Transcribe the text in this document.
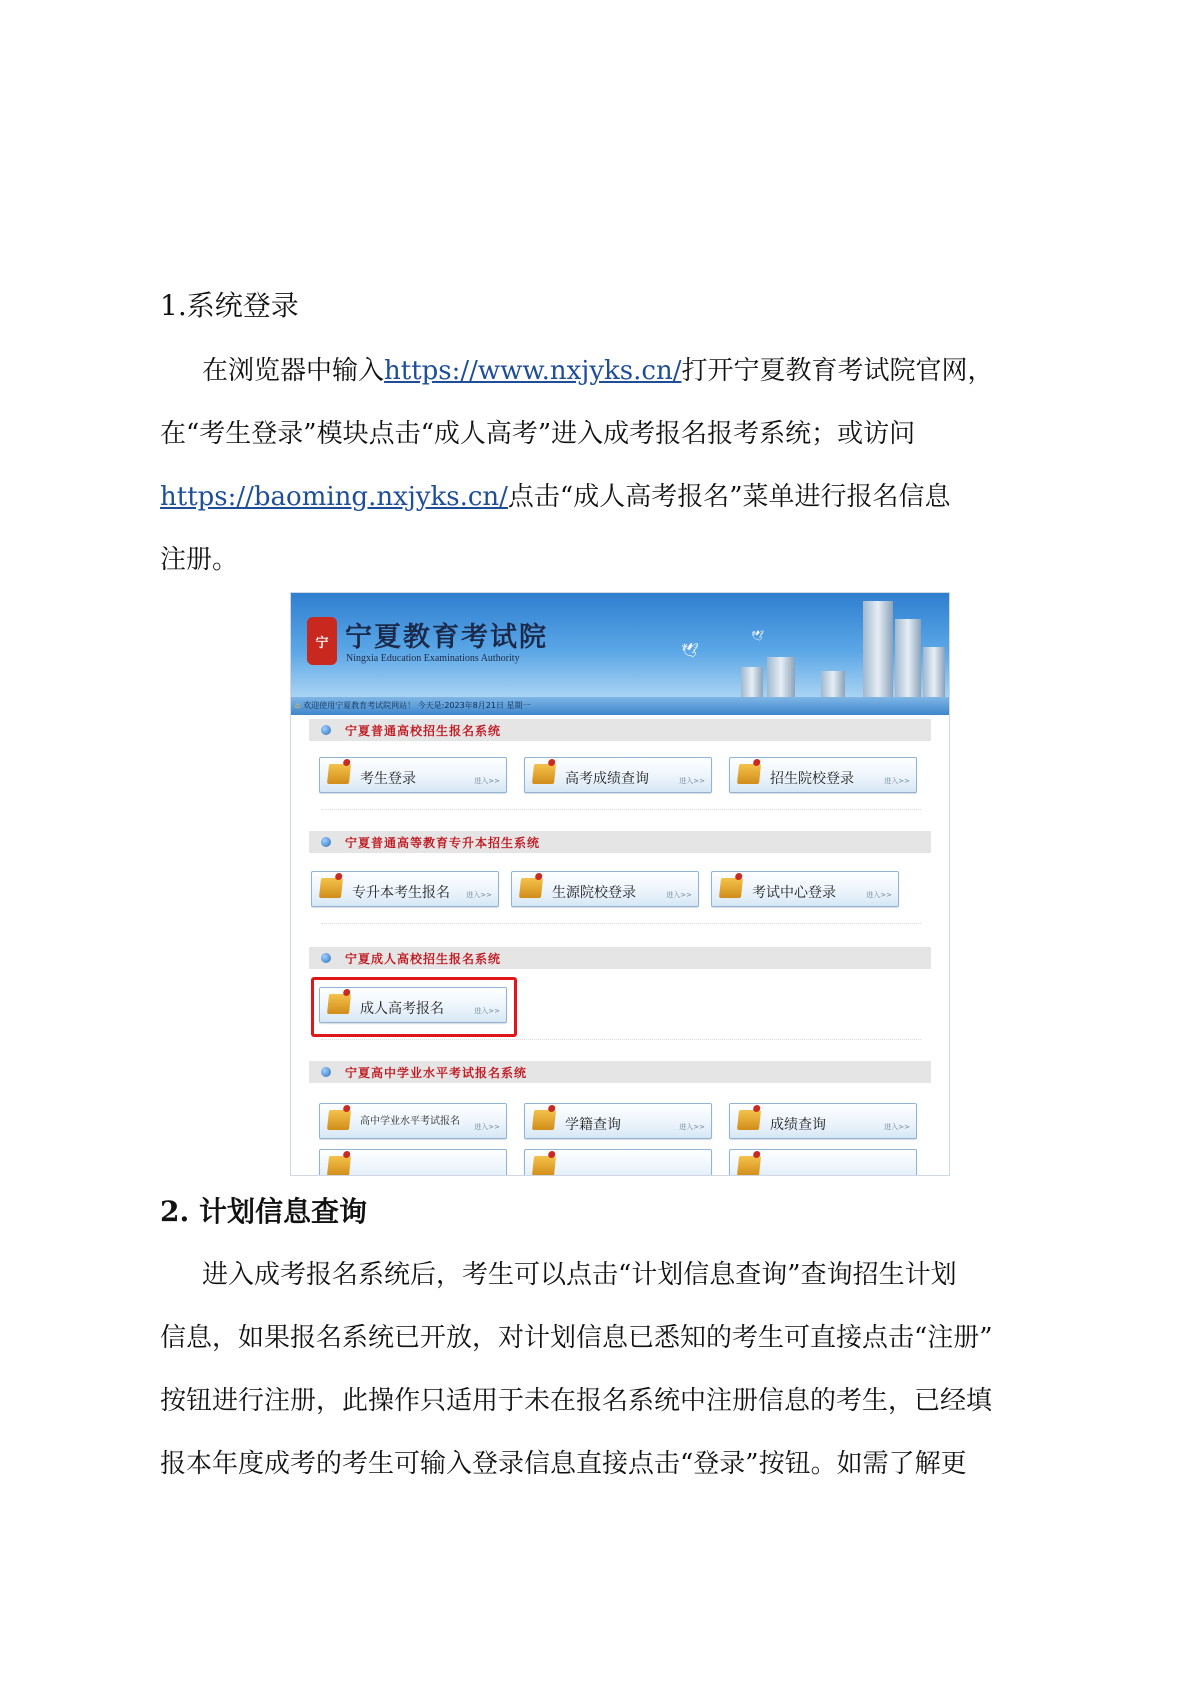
1.系统登录
在浏览器中输入https://www.nxjyks.cn/打开宁夏教育考试院官网，
在“考生登录”模块点击“成人高考”进入成考报名报考系统；或访问
https://baoming.nxjyks.cn/点击“成人高考报名”菜单进行报名信息
注册。
宁 宁夏教育考试院
Ningxia Education Examinations Authority	🕊
🕊
⌂ 欢迎使用宁夏教育考试院网站！ 今天是:2023年8月21日 星期一
宁夏普通高校招生报名系统
考生登录	进入>>	高考成绩查询	进入>>	招生院校登录	进入>>
宁夏普通高等教育专升本招生系统
专升本考生报名 进入>>	生源院校登录	进入>>	考试中心登录	进入>>
宁夏成人高校招生报名系统
成人高考报名	进入>>
宁夏高中学业水平考试报名系统
高中学业水平考试报名 进入>>	学籍查询	进入>>	成绩查询	进入>>
2. 计划信息查询
进入成考报名系统后，考生可以点击“计划信息查询”查询招生计划
信息，如果报名系统已开放，对计划信息已悉知的考生可直接点击“注册”
按钮进行注册，此操作只适用于未在报名系统中注册信息的考生，已经填
报本年度成考的考生可输入登录信息直接点击“登录”按钮。如需了解更
